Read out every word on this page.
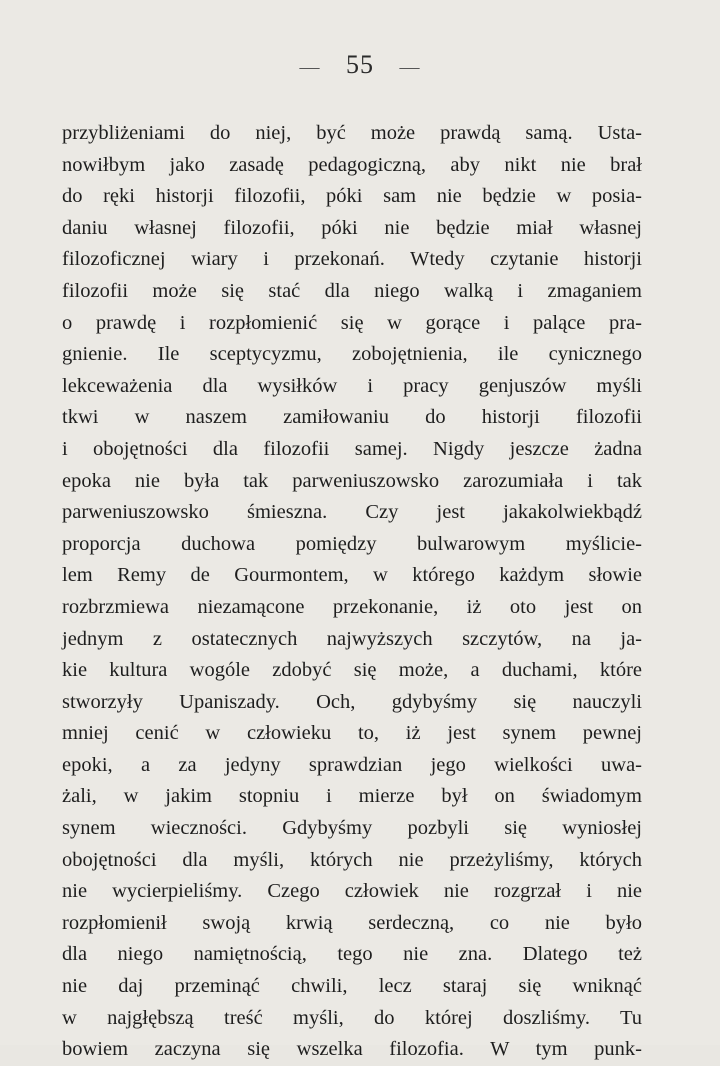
— 55 —
przybliżeniami do niej, być może prawdą samą. Usta-
nowiłbym jako zasadę pedagogiczną, aby nikt nie brał
do ręki historji filozofii, póki sam nie będzie w posia-
daniu własnej filozofii, póki nie będzie miał własnej
filozoficznej wiary i przekonań. Wtedy czytanie historji
filozofii może się stać dla niego walką i zmaganiem
o prawdę i rozpłomienić się w gorące i palące pra-
gnienie. Ile sceptycyzmu, zobojętnienia, ile cynicznego
lekceważenia dla wysiłków i pracy genjuszów myśli
tkwi w naszem zamiłowaniu do historji filozofii
i obojętności dla filozofii samej. Nigdy jeszcze żadna
epoka nie była tak parweniuszowsko zarozumiała i tak
parweniuszowsko śmieszna. Czy jest jakakolwiekbądź
proporcja duchowa pomiędzy bulwarowym myślicie-
lem Remy de Gourmontem, w którego każdym słowie
rozbrzmiewa niezamącone przekonanie, iż oto jest on
jednym z ostatecznych najwyższych szczytów, na ja-
kie kultura wogóle zdobyć się może, a duchami, które
stworzyły Upaniszady. Och, gdybyśmy się nauczyli
mniej cenić w człowieku to, iż jest synem pewnej
epoki, a za jedyny sprawdzian jego wielkości uwa-
żali, w jakim stopniu i mierze był on świadomym
synem wieczności. Gdybyśmy pozbyli się wyniosłej
obojętności dla myśli, których nie przeżyliśmy, których
nie wycierpieliśmy. Czego człowiek nie rozgrzał i nie
rozpłomienił swoją krwią serdeczną, co nie było
dla niego namiętnością, tego nie zna. Dlatego też
nie daj przeminąć chwili, lecz staraj się wniknąć
w najgłębszą treść myśli, do której doszliśmy. Tu
bowiem zaczyna się wszelka filozofia. W tym punk-
